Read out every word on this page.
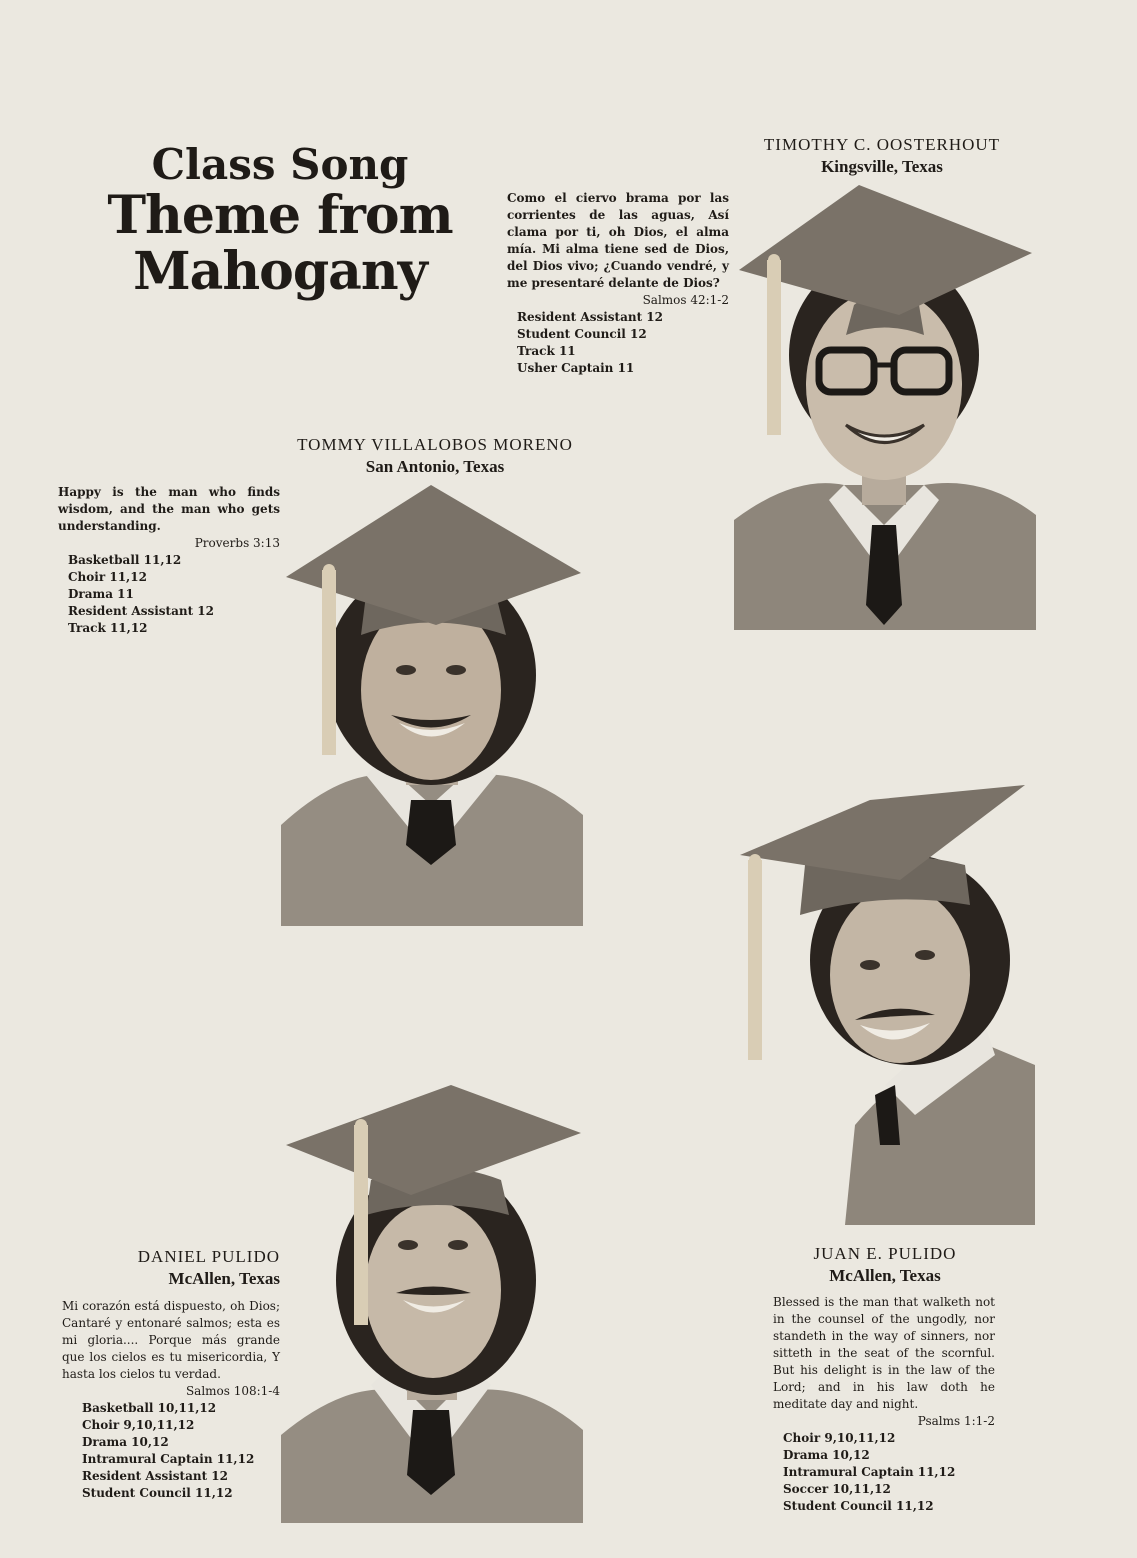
Class Song
Theme from
Mahogany
TIMOTHY C. OOSTERHOUT
Kingsville, Texas
Como el ciervo brama por las corrientes de las aguas, Así clama por ti, oh Dios, el alma mía. Mi alma tiene sed de Dios, del Dios vivo; ¿Cuando vendré, y me presentaré delante de Dios?
Salmos 42:1-2
Resident Assistant 12
Student Council 12
Track 11
Usher Captain 11
TOMMY VILLALOBOS MORENO
San Antonio, Texas
Happy is the man who finds wisdom, and the man who gets understanding.
Proverbs 3:13
Basketball 11,12
Choir 11,12
Drama 11
Resident Assistant 12
Track 11,12
DANIEL PULIDO
McAllen, Texas
Mi corazón está dispuesto, oh Dios; Cantaré y entonaré salmos; esta es mi gloria.... Porque más grande que los cielos es tu misericordia, Y hasta los cielos tu verdad.
Salmos 108:1-4
Basketball 10,11,12
Choir 9,10,11,12
Drama 10,12
Intramural Captain 11,12
Resident Assistant 12
Student Council 11,12
JUAN E. PULIDO
McAllen, Texas
Blessed is the man that walketh not in the counsel of the ungodly, nor standeth in the way of sinners, nor sitteth in the seat of the scornful. But his delight is in the law of the Lord; and in his law doth he meditate day and night.
Psalms 1:1-2
Choir 9,10,11,12
Drama 10,12
Intramural Captain 11,12
Soccer 10,11,12
Student Council 11,12
